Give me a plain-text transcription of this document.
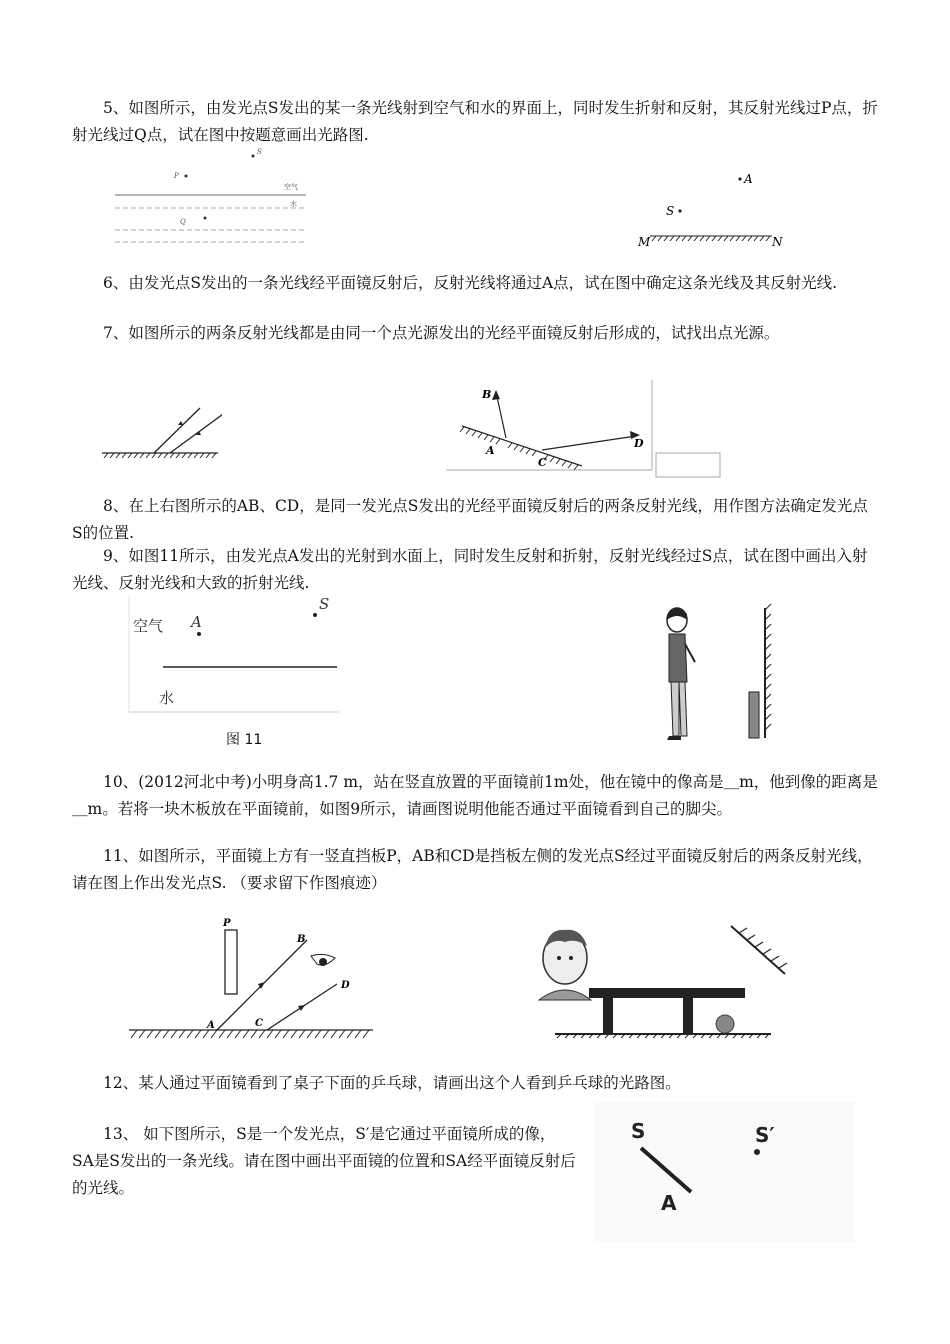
5、如图所示，由发光点S发出的某一条光线射到空气和水的界面上，同时发生折射和反射，其反射光线过P点，折射光线过Q点，试在图中按题意画出光路图.

S
P
空气
水
Q
A
S
M	N

6、由发光点S发出的一条光线经平面镜反射后，反射光线将通过A点，试在图中确定这条光线及其反射光线.

7、如图所示的两条反射光线都是由同一个点光源发出的光经平面镜反射后形成的，试找出点光源。

B
A
C
D

8、在上右图所示的AB、CD，是同一发光点S发出的光经平面镜反射后的两条反射光线，用作图方法确定发光点S的位置.

9、如图11所示，由发光点A发出的光射到水面上，同时发生反射和折射，反射光线经过S点，试在图中画出入射光线、反射光线和大致的折射光线.

空气 A
S
水
图 11

10、(2012河北中考)小明身高1.7 m，站在竖直放置的平面镜前1m处，他在镜中的像高是＿m，他到像的距离是＿m。若将一块木板放在平面镜前，如图9所示，请画图说明他能否通过平面镜看到自己的脚尖。

11、如图所示，平面镜上方有一竖直挡板P，AB和CD是挡板左侧的发光点S经过平面镜反射后的两条反射光线，请在图上作出发光点S. （要求留下作图痕迹）

P
B
A	C
D

12、某人通过平面镜看到了桌子下面的乒乓球，请画出这个人看到乒乓球的光路图。

13、 如下图所示，S是一个发光点，S′是它通过平面镜所成的像，SA是S发出的一条光线。请在图中画出平面镜的位置和SA经平面镜反射后的光线。

S
A
S′
